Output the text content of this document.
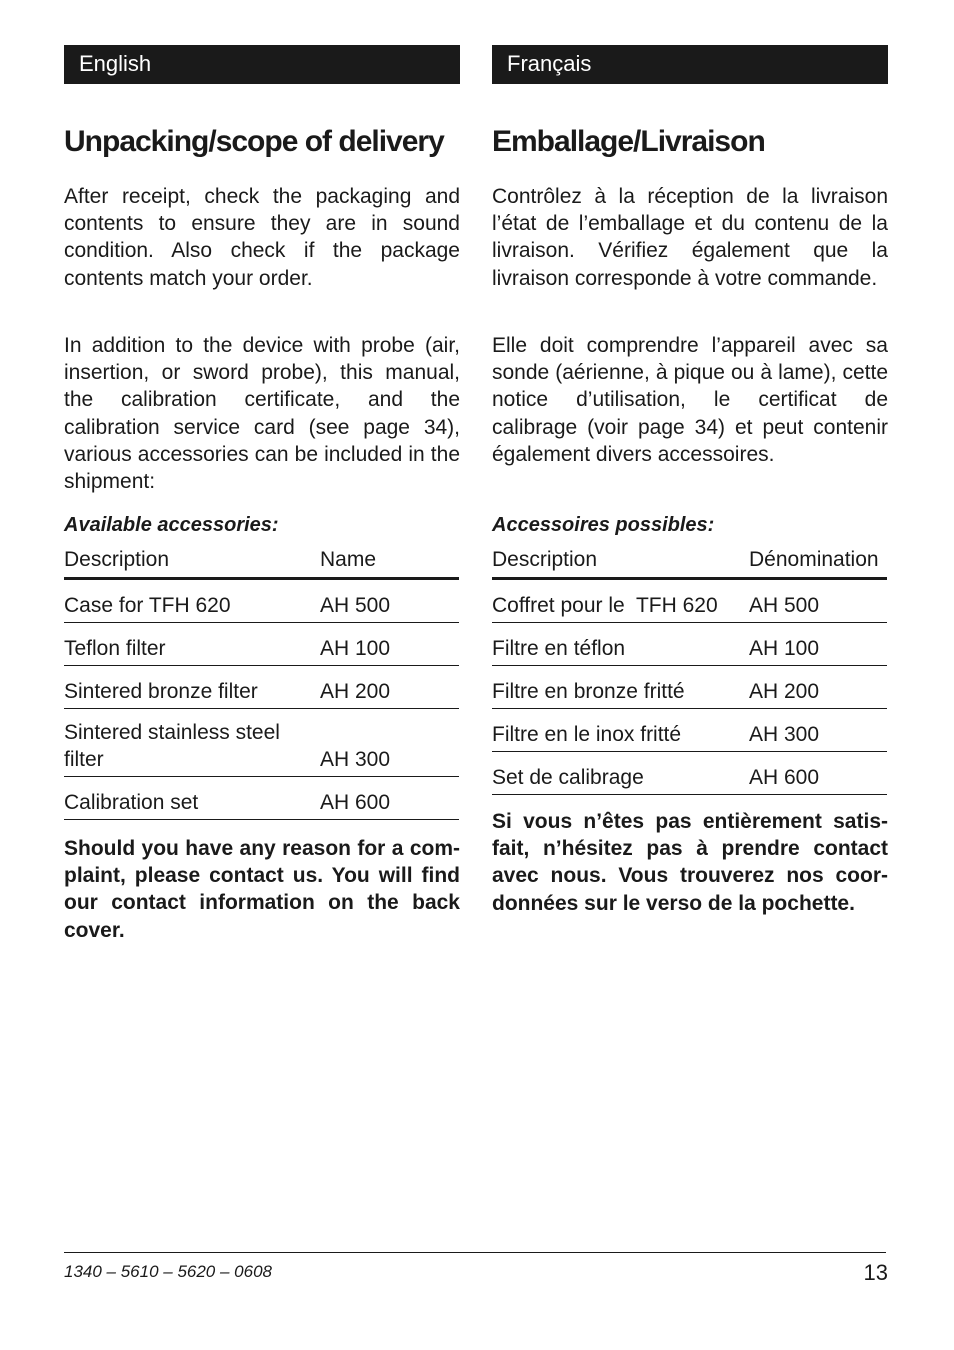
English
Unpacking/scope of delivery

After receipt, check the packaging and contents to ensure they are in sound condition. Also check if the package contents match your order.

In addition to the device with probe (air, insertion, or sword probe), this manual, the calibration certificate, and the calibration service card (see page 34), various accessories can be included in the shipment:

Available accessories:
Description	Name
Case for TFH 620	AH 500
Teflon filter	AH 100
Sintered bronze filter	AH 200
Sintered stainless steel filter	AH 300
Calibration set	AH 600

Should you have any reason for a com-plaint, please contact us. You will find our contact information on the back cover.

Français
Emballage/Livraison

Contrôlez à la réception de la livraison l’état de l’emballage et du contenu de la livraison. Vérifiez également que la livraison corresponde à votre commande.

Elle doit comprendre l’appareil avec sa sonde (aérienne, à pique ou à lame), cette notice d’utilisation, le certificat de calibrage (voir page 34) et peut contenir également divers accessoires.

Accessoires possibles:
Description	Dénomination
Coffret pour le  TFH 620	AH 500
Filtre en téflon	AH 100
Filtre en bronze fritté	AH 200
Filtre en le inox fritté	AH 300
Set de calibrage	AH 600

Si vous n’êtes pas entièrement satis-fait, n’hésitez pas à prendre contact avec nous. Vous trouverez nos coor-données sur le verso de la pochette.

1340 – 5610 – 5620 – 0608	13
